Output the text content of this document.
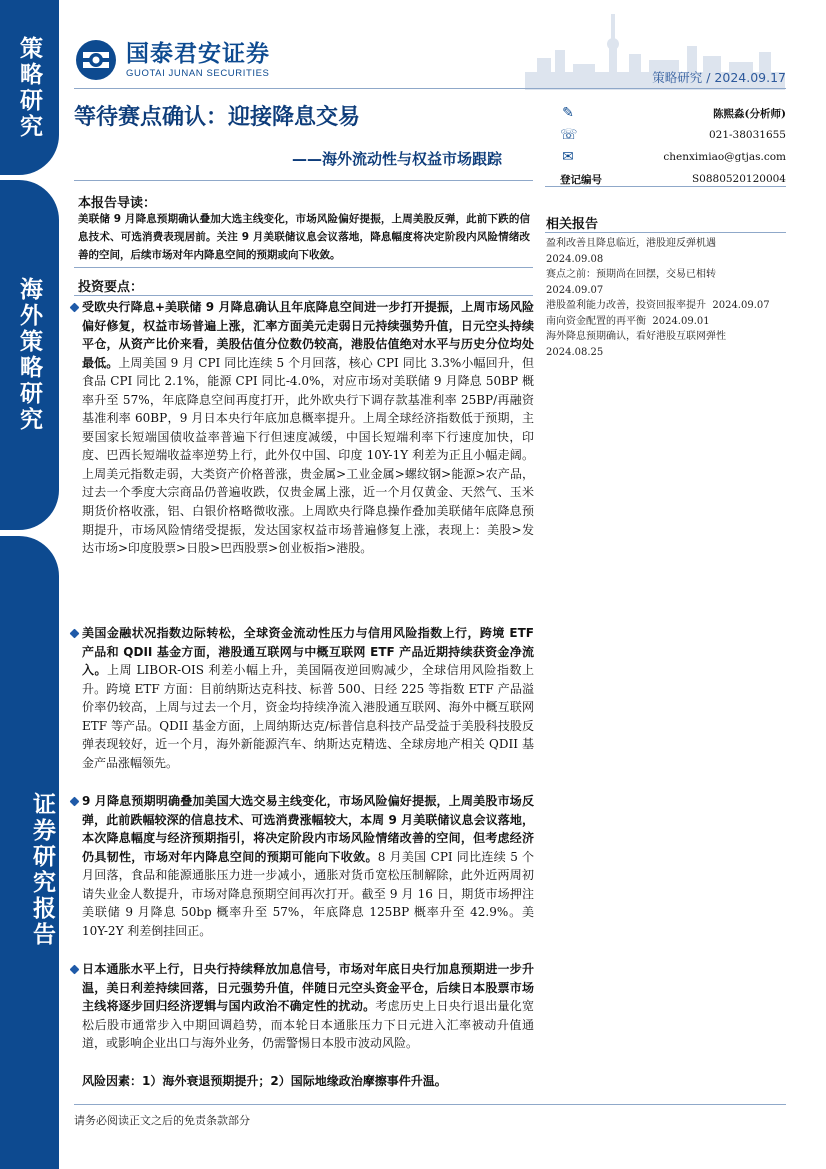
策略研究
海外策略研究
证券研究报告
国泰君安证券
GUOTAI JUNAN SECURITIES	策略研究 / 2024.09.17
等待赛点确认：迎接降息交易
——海外流动性与权益市场跟踪
✎	陈熙淼(分析师)
☏	021-38031655
✉	chenximiao@gtjas.com
登记编号	S0880520120004
相关报告
盈利改善且降息临近，港股迎反弹机遇
2024.09.08
赛点之前：预期尚在回摆，交易已相转
2024.09.07
港股盈利能力改善，投资回报率提升 2024.09.07
南向资金配置的再平衡 2024.09.01
海外降息预期确认，看好港股互联网弹性
2024.08.25
本报告导读：
美联储 9 月降息预期确认叠加大选主线变化，市场风险偏好提振，上周美股反弹，此前下跌的信息技术、可选消费表现居前。关注 9 月美联储议息会议落地，降息幅度将决定阶段内风险情绪改善的空间，后续市场对年内降息空间的预期或向下收敛。
投资要点：

受欧央行降息+美联储 9 月降息确认且年底降息空间进一步打开提振，上周市场风险偏好修复，权益市场普遍上涨，汇率方面美元走弱日元持续强势升值，日元空头持续平仓，从资产比价来看，美股估值分位数仍较高，港股估值绝对水平与历史分位均处最低。上周美国 9 月 CPI 同比连续 5 个月回落，核心 CPI 同比 3.3%小幅回升，但食品 CPI 同比 2.1%，能源 CPI 同比-4.0%，对应市场对美联储 9 月降息 50BP 概率升至 57%，年底降息空间再度打开，此外欧央行下调存款基准利率 25BP/再融资基准利率 60BP，9 月日本央行年底加息概率提升。上周全球经济指数低于预期，主要国家长短端国债收益率普遍下行但速度减缓，中国长短端利率下行速度加快，印度、巴西长短端收益率逆势上行，此外仅中国、印度 10Y-1Y 利差为正且小幅走阔。上周美元指数走弱，大类资产价格普涨，贵金属>工业金属>螺纹钢>能源>农产品，过去一个季度大宗商品仍普遍收跌，仅贵金属上涨，近一个月仅黄金、天然气、玉米期货价格收涨，铝、白银价格略微收涨。上周欧央行降息操作叠加美联储年底降息预期提升，市场风险情绪受提振，发达国家权益市场普遍修复上涨，表现上：美股>发达市场>印度股票>日股>巴西股票>创业板指>港股。

美国金融状况指数边际转松，全球资金流动性压力与信用风险指数上行，跨境 ETF 产品和 QDII 基金方面，港股通互联网与中概互联网 ETF 产品近期持续获资金净流入。上周 LIBOR-OIS 利差小幅上升，美国隔夜逆回购减少，全球信用风险指数上升。跨境 ETF 方面：目前纳斯达克科技、标普 500、日经 225 等指数 ETF 产品溢价率仍较高，上周与过去一个月，资金均持续净流入港股通互联网、海外中概互联网 ETF 等产品。QDII 基金方面，上周纳斯达克/标普信息科技产品受益于美股科技股反弹表现较好，近一个月，海外新能源汽车、纳斯达克精选、全球房地产相关 QDII 基金产品涨幅领先。

9 月降息预期明确叠加美国大选交易主线变化，市场风险偏好提振，上周美股市场反弹，此前跌幅较深的信息技术、可选消费涨幅较大，本周 9 月美联储议息会议落地，本次降息幅度与经济预期指引，将决定阶段内市场风险情绪改善的空间，但考虑经济仍具韧性，市场对年内降息空间的预期可能向下收敛。8 月美国 CPI 同比连续 5 个月回落，食品和能源通胀压力进一步减小，通胀对货币宽松压制解除，此外近两周初请失业金人数提升，市场对降息预期空间再次打开。截至 9 月 16 日，期货市场押注美联储 9 月降息 50bp 概率升至 57%，年底降息 125BP 概率升至 42.9%。美 10Y-2Y 利差倒挂回正。

日本通胀水平上行，日央行持续释放加息信号，市场对年底日央行加息预期进一步升温，美日利差持续回落，日元强势升值，伴随日元空头资金平仓，后续日本股票市场主线将逐步回归经济逻辑与国内政治不确定性的扰动。考虑历史上日央行退出量化宽松后股市通常步入中期回调趋势，而本轮日本通胀压力下日元进入汇率被动升值通道，或影响企业出口与海外业务，仍需警惕日本股市波动风险。

风险因素：1）海外衰退预期提升；2）国际地缘政治摩擦事件升温。
请务必阅读正文之后的免责条款部分
